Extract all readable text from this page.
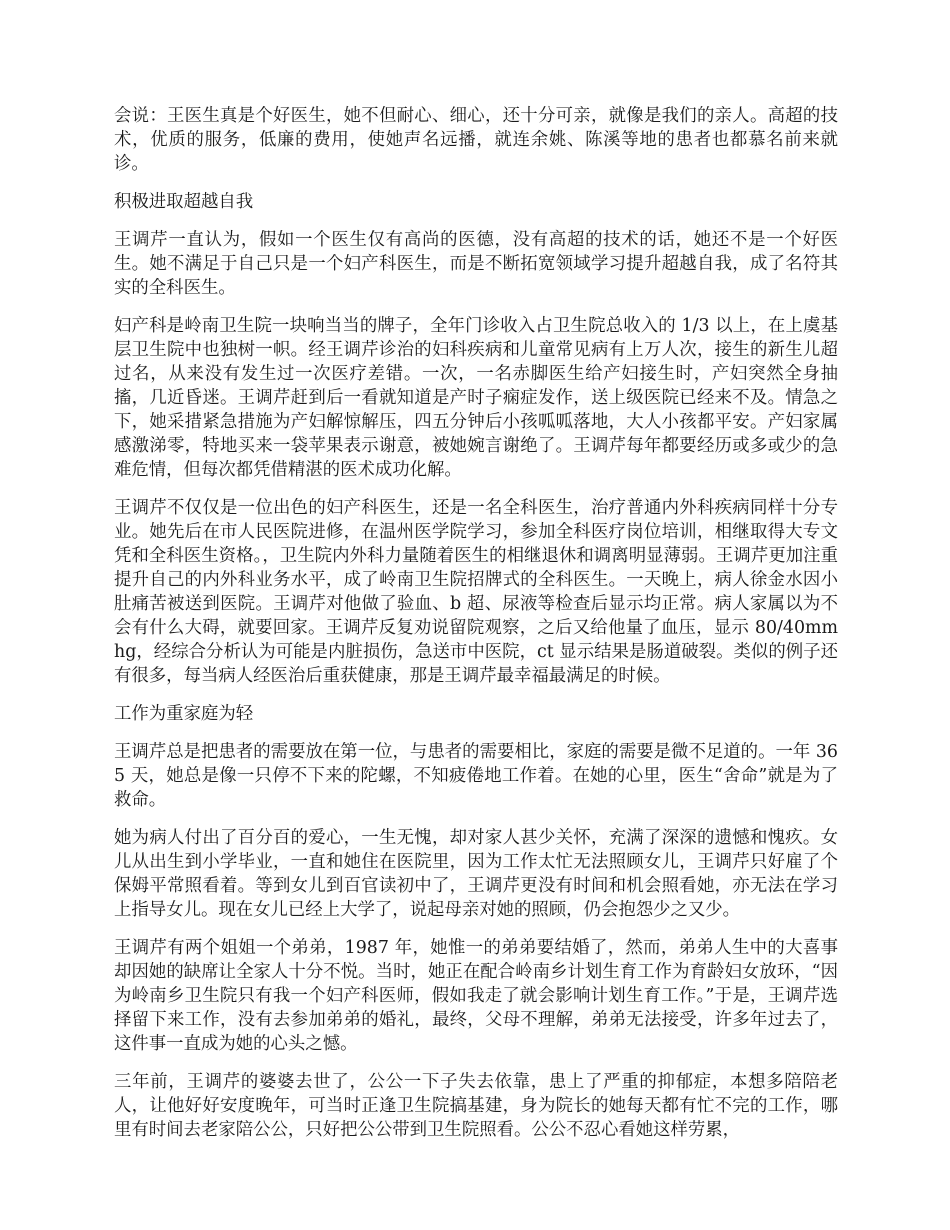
会说：王医生真是个好医生，她不但耐心、细心，还十分可亲，就像是我们的亲人。高超的技术，优质的服务，低廉的费用，使她声名远播，就连余姚、陈溪等地的患者也都慕名前来就诊。

积极进取超越自我

王调芹一直认为，假如一个医生仅有高尚的医德，没有高超的技术的话，她还不是一个好医生。她不满足于自己只是一个妇产科医生，而是不断拓宽领域学习提升超越自我，成了名符其实的全科医生。

妇产科是岭南卫生院一块响当当的牌子，全年门诊收入占卫生院总收入的 1/3 以上，在上虞基层卫生院中也独树一帜。经王调芹诊治的妇科疾病和儿童常见病有上万人次，接生的新生儿超过名，从来没有发生过一次医疗差错。一次，一名赤脚医生给产妇接生时，产妇突然全身抽搐，几近昏迷。王调芹赶到后一看就知道是产时子痫症发作，送上级医院已经来不及。情急之下，她采措紧急措施为产妇解惊解压，四五分钟后小孩呱呱落地，大人小孩都平安。产妇家属感激涕零，特地买来一袋苹果表示谢意，被她婉言谢绝了。王调芹每年都要经历或多或少的急难危情，但每次都凭借精湛的医术成功化解。

王调芹不仅仅是一位出色的妇产科医生，还是一名全科医生，治疗普通内外科疾病同样十分专业。她先后在市人民医院进修，在温州医学院学习，参加全科医疗岗位培训，相继取得大专文凭和全科医生资格。，卫生院内外科力量随着医生的相继退休和调离明显薄弱。王调芹更加注重提升自己的内外科业务水平，成了岭南卫生院招牌式的全科医生。一天晚上，病人徐金水因小肚痛苦被送到医院。王调芹对他做了验血、b 超、尿液等检查后显示均正常。病人家属以为不会有什么大碍，就要回家。王调芹反复劝说留院观察，之后又给他量了血压，显示 80/40mmhg，经综合分析认为可能是内脏损伤，急送市中医院，ct 显示结果是肠道破裂。类似的例子还有很多，每当病人经医治后重获健康，那是王调芹最幸福最满足的时候。

工作为重家庭为轻

王调芹总是把患者的需要放在第一位，与患者的需要相比，家庭的需要是微不足道的。一年 365 天，她总是像一只停不下来的陀螺，不知疲倦地工作着。在她的心里，医生“舍命”就是为了救命。

她为病人付出了百分百的爱心，一生无愧，却对家人甚少关怀，充满了深深的遗憾和愧疚。女儿从出生到小学毕业，一直和她住在医院里，因为工作太忙无法照顾女儿，王调芹只好雇了个保姆平常照看着。等到女儿到百官读初中了，王调芹更没有时间和机会照看她，亦无法在学习上指导女儿。现在女儿已经上大学了，说起母亲对她的照顾，仍会抱怨少之又少。

王调芹有两个姐姐一个弟弟，1987 年，她惟一的弟弟要结婚了，然而，弟弟人生中的大喜事却因她的缺席让全家人十分不悦。当时，她正在配合岭南乡计划生育工作为育龄妇女放环，“因为岭南乡卫生院只有我一个妇产科医师，假如我走了就会影响计划生育工作。”于是，王调芹选择留下来工作，没有去参加弟弟的婚礼，最终，父母不理解，弟弟无法接受，许多年过去了，这件事一直成为她的心头之憾。

三年前，王调芹的婆婆去世了，公公一下子失去依靠，患上了严重的抑郁症，本想多陪陪老人，让他好好安度晚年，可当时正逢卫生院搞基建，身为院长的她每天都有忙不完的工作，哪里有时间去老家陪公公，只好把公公带到卫生院照看。公公不忍心看她这样劳累，
